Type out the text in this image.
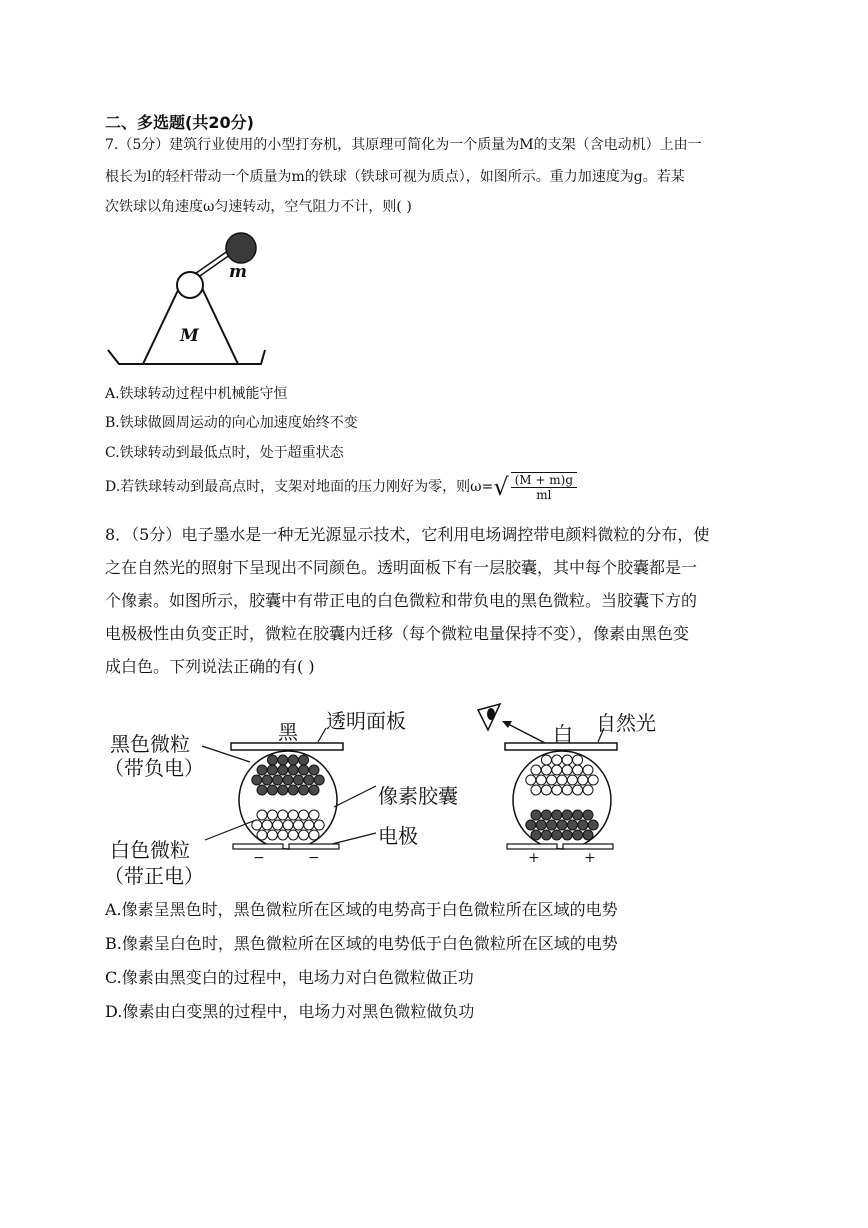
二、多选题(共20分)
7.（5分）建筑行业使用的小型打夯机，其原理可简化为一个质量为M的支架（含电动机）上由一
根长为l的轻杆带动一个质量为m的铁球（铁球可视为质点），如图所示。重力加速度为g。若某
次铁球以角速度ω匀速转动，空气阻力不计，则( )
m
M
A.铁球转动过程中机械能守恒
B.铁球做圆周运动的向心加速度始终不变
C.铁球转动到最低点时，处于超重状态
D.若铁球转动到最高点时，支架对地面的压力刚好为零，则$\omega=√ \frac{(M + m)g}{ml}$
8．（5分）电子墨水是一种无光源显示技术，它利用电场调控带电颜料微粒的分布，使
之在自然光的照射下呈现出不同颜色。透明面板下有一层胶囊，其中每个胶囊都是一
个像素。如图所示，胶囊中有带正电的白色微粒和带负电的黑色微粒。当胶囊下方的
电极极性由负变正时，微粒在胶囊内迁移（每个微粒电量保持不变），像素由黑色变
成白色。下列说法正确的有( )
黑 透明面板
黑色微粒
（带负电）
像素胶囊
电极
白色微粒
（带正电）
−	−
白 自然光
+	+
A.像素呈黑色时，黑色微粒所在区域的电势高于白色微粒所在区域的电势
B.像素呈白色时，黑色微粒所在区域的电势低于白色微粒所在区域的电势
C.像素由黑变白的过程中，电场力对白色微粒做正功
D.像素由白变黑的过程中，电场力对黑色微粒做负功
